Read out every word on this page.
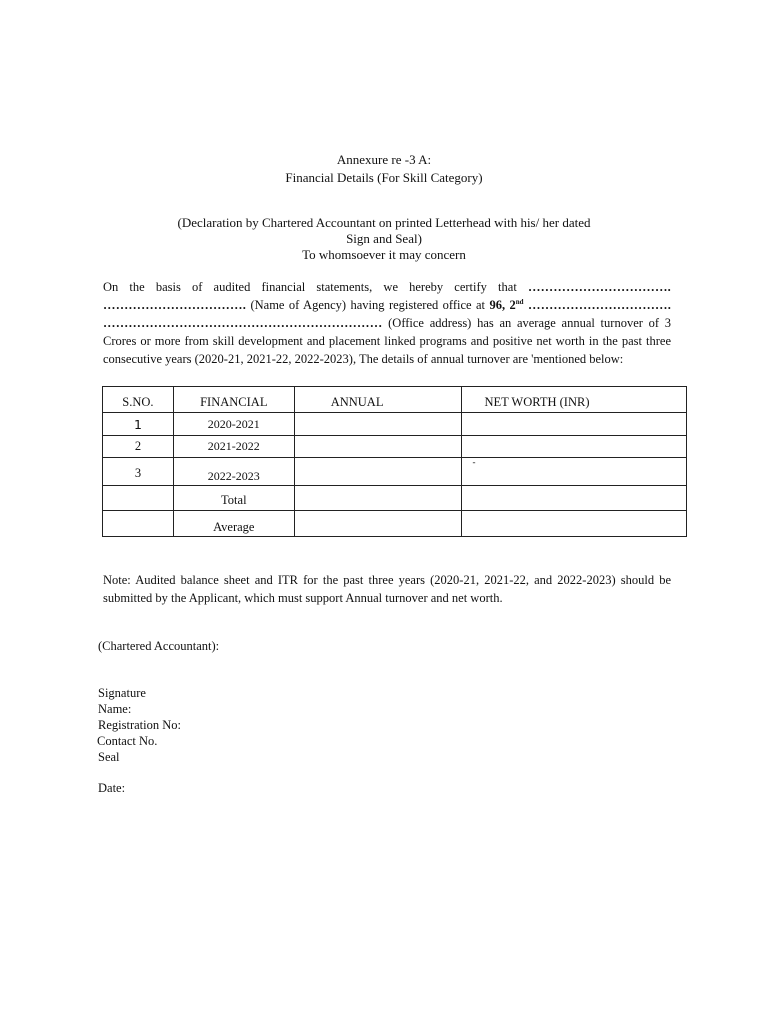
Annexure re -3 A:
Financial Details (For Skill Category)
(Declaration by Chartered Accountant on printed Letterhead with his/ her dated
Sign and Seal)
To whomsoever it may concern
On the basis of audited financial statements, we hereby certify that ……………………………. ……………………………. (Name of Agency) having registered office at 96, 2nd ……………………………. ………………………………………………………… (Office address) has an average annual turnover of 3 Crores or more from skill development and placement linked programs and positive net worth in the past three consecutive years (2020-21, 2021-22, 2022-2023), The details of annual turnover are 'mentioned below:
S.NO.	FINANCIAL	ANNUAL	NET WORTH (INR)
1	2020-2021		
2	2021-2022		
3	2022-2023		-
	Total		
	Average		
Note: Audited balance sheet and ITR for the past three years (2020-21, 2021-22, and 2022-2023) should be submitted by the Applicant, which must support Annual turnover and net worth.
(Chartered Accountant):
Signature
Name:
Registration No:
Contact No.
Seal
Date:
